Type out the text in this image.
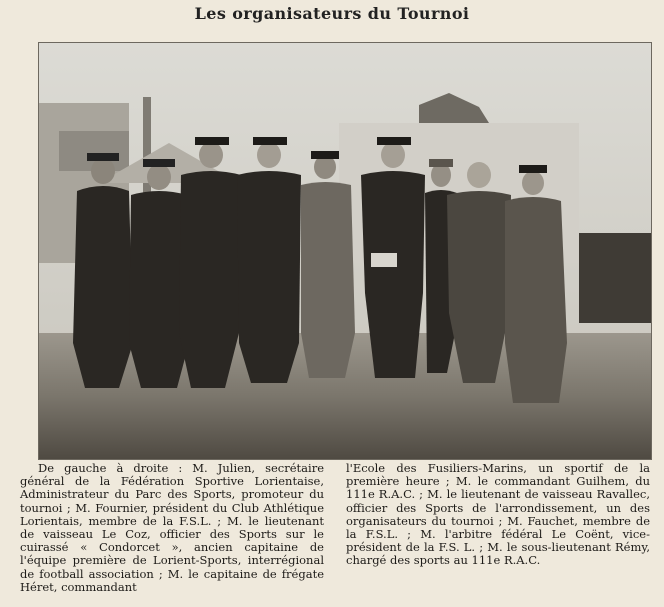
Les organisateurs du Tournoi
De gauche à droite : M. Julien, secrétaire général de la Fédération Sportive Lorientaise, Administrateur du Parc des Sports, promoteur du tournoi ; M. Fournier, président du Club Athlétique Lorientais, membre de la F.S.L. ; M. le lieutenant de vaisseau Le Coz, officier des Sports sur le cuirassé « Condorcet », ancien capitaine de l'équipe première de Lorient-Sports, interrégional de football association ; M. le capitaine de frégate Héret, commandant
l'Ecole des Fusiliers-Marins, un sportif de la première heure ; M. le commandant Guilhem, du 111e R.A.C. ; M. le lieutenant de vaisseau Ravallec, officier des Sports de l'arrondissement, un des organisateurs du tournoi ; M. Fauchet, membre de la F.S.L. ; M. l'arbitre fédéral Le Coënt, vice-président de la F.S. L. ; M. le sous-lieutenant Rémy, chargé des sports au 111e R.A.C.
